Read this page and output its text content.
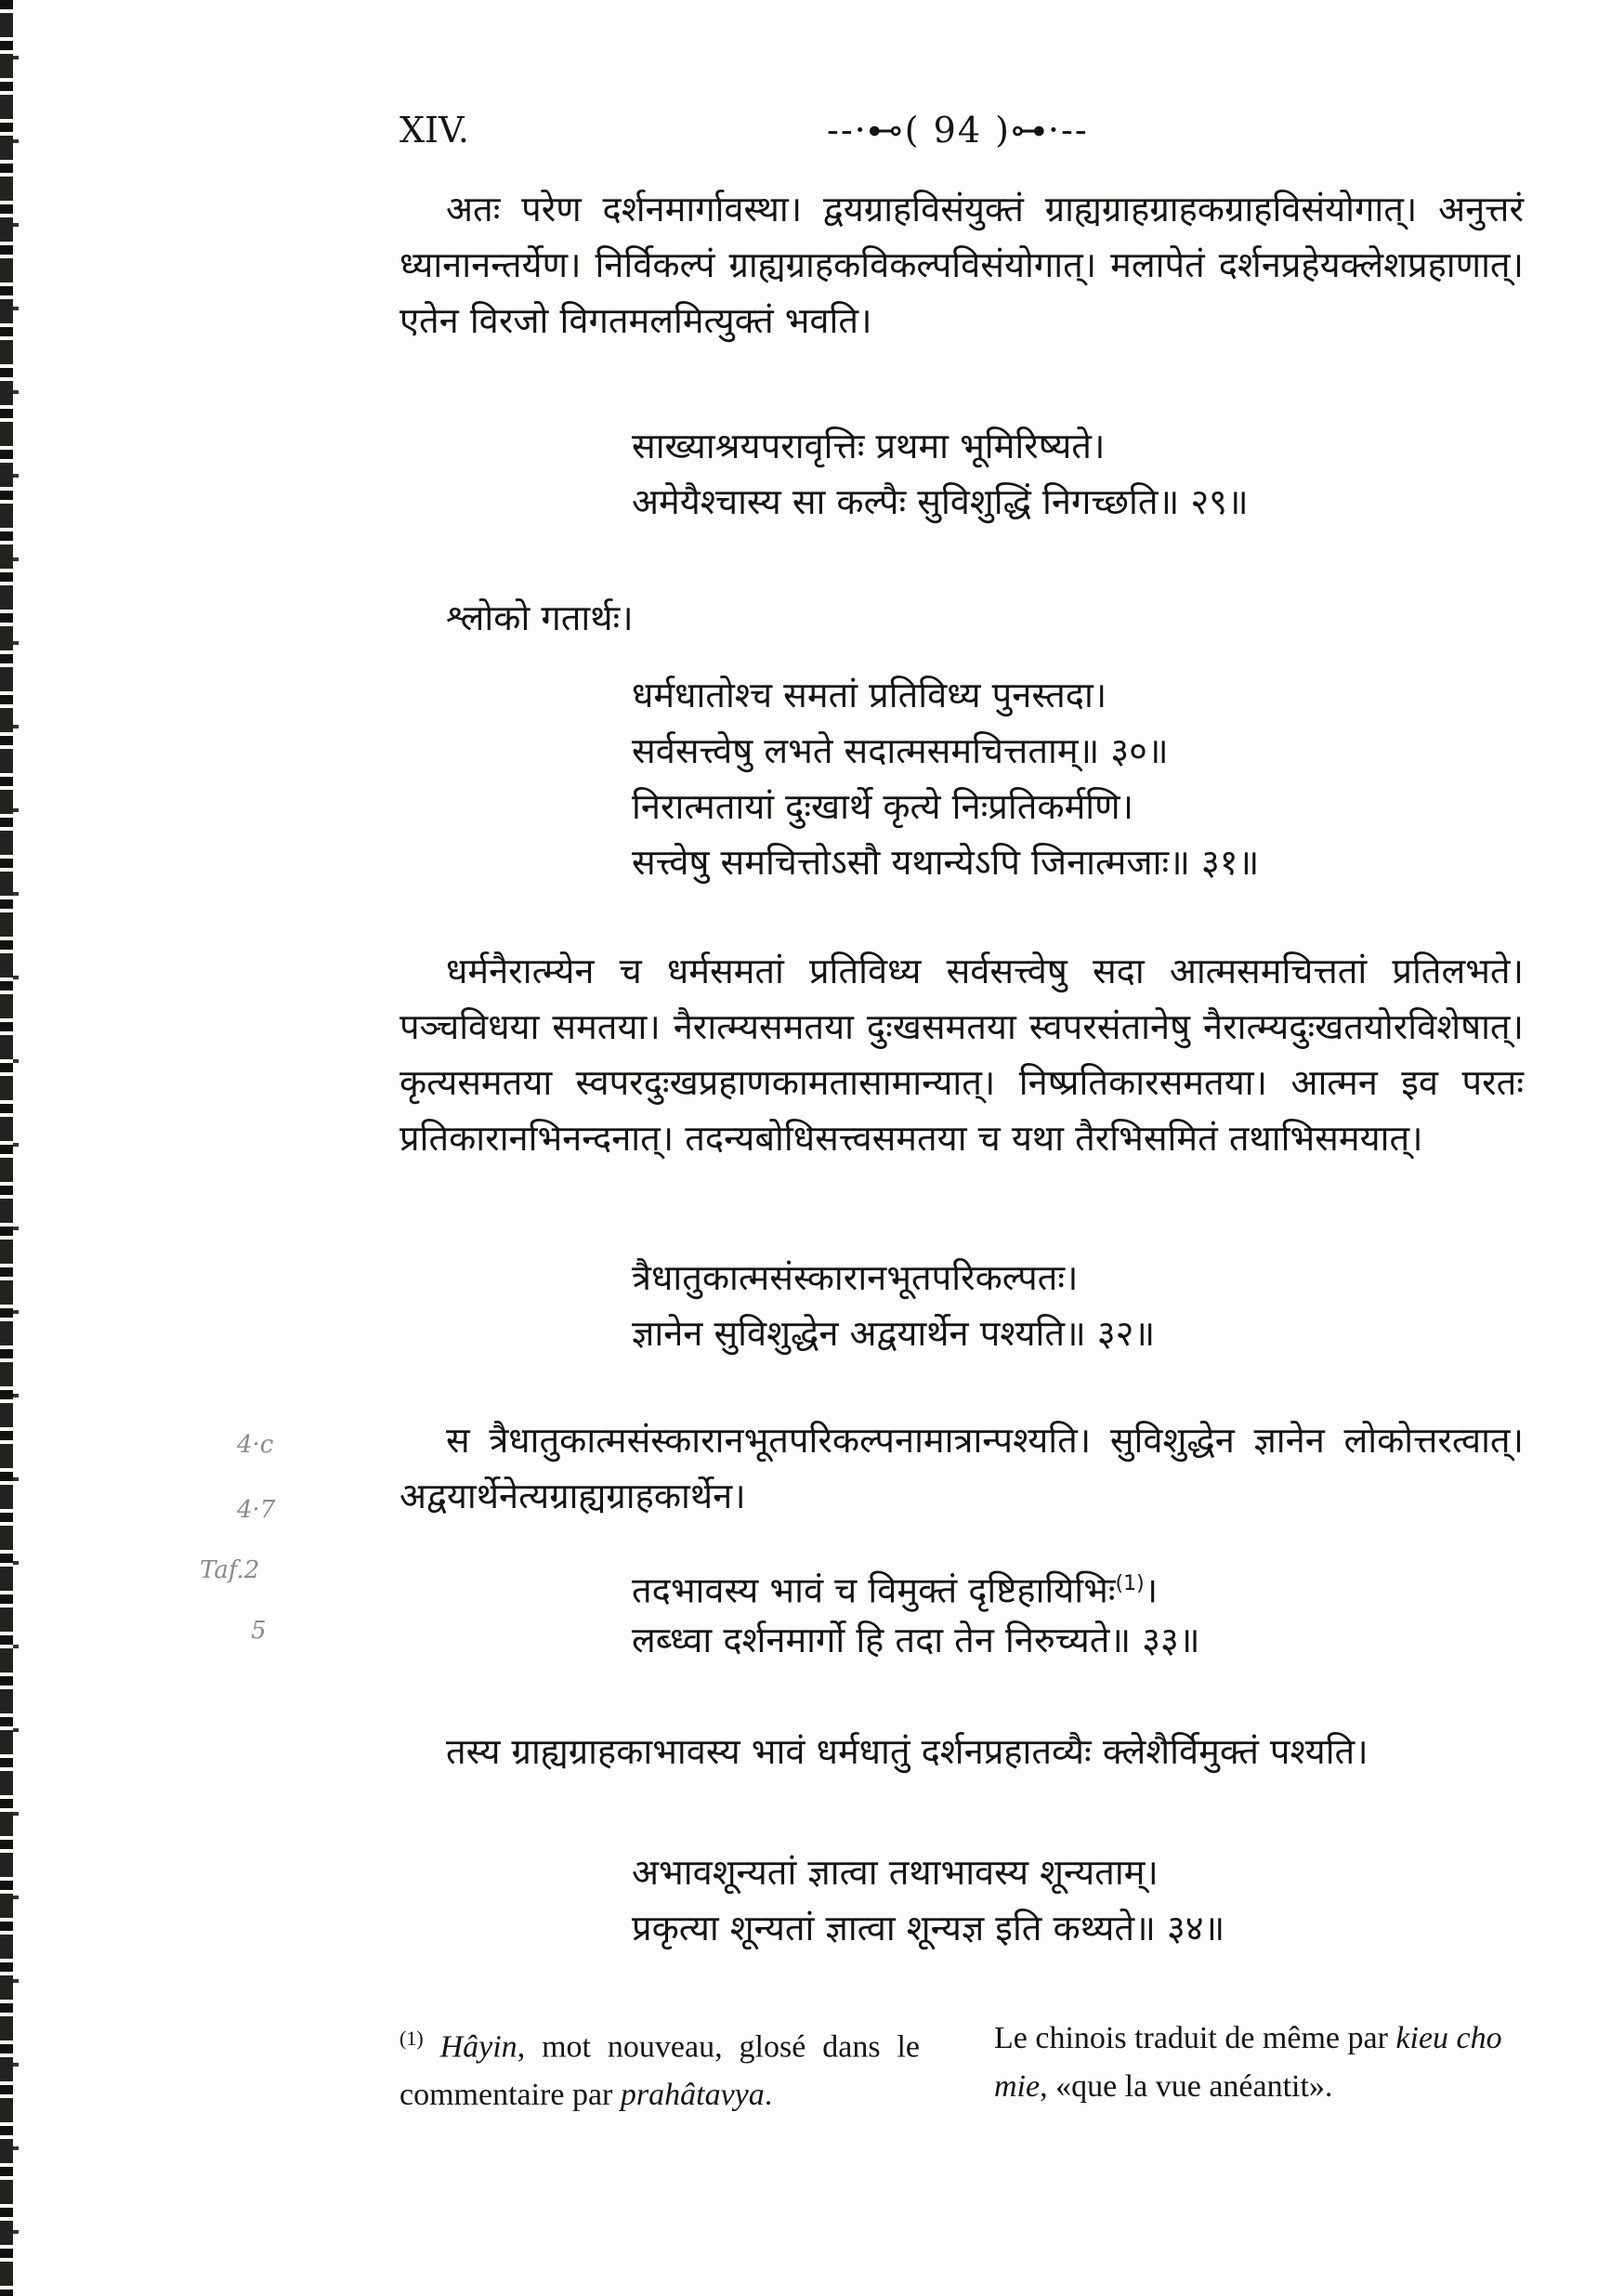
XIV.	--·⊷( 94 )⊶·--
4·c
4·7
Taf.2
5
अतः परेण दर्शनमार्गावस्था। द्वयग्राहविसंयुक्तं ग्राह्यग्राहग्राहकग्राहविसंयोगात्। अनुत्तरं ध्यानानन्तर्येण। निर्विकल्पं ग्राह्यग्राहकविकल्पविसंयोगात्। मलापेतं दर्शनप्रहेयक्लेशप्रहाणात्। एतेन विरजो विगतमलमित्युक्तं भवति।
साख्याश्रयपरावृत्तिः प्रथमा भूमिरिष्यते।
अमेयैश्चास्य सा कल्पैः सुविशुद्धिं निगच्छति॥ २९॥
श्लोको गतार्थः।
धर्मधातोश्च समतां प्रतिविध्य पुनस्तदा।
सर्वसत्त्वेषु लभते सदात्मसमचित्तताम्॥ ३०॥
निरात्मतायां दुःखार्थे कृत्ये निःप्रतिकर्मणि।
सत्त्वेषु समचित्तोऽसौ यथान्येऽपि जिनात्मजाः॥ ३१॥
धर्मनैरात्म्येन च धर्मसमतां प्रतिविध्य सर्वसत्त्वेषु सदा आत्मसमचित्ततां प्रतिलभते। पञ्चविधया समतया। नैरात्म्यसमतया दुःखसमतया स्वपरसंतानेषु नैरात्म्यदुःखतयोरविशेषात्। कृत्यसमतया स्वपरदुःखप्रहाणकामतासामान्यात्। निष्प्रतिकारसमतया। आत्मन इव परतः प्रतिकारानभिनन्दनात्। तदन्यबोधिसत्त्वसमतया च यथा तैरभिसमितं तथाभिसमयात्।
त्रैधातुकात्मसंस्कारानभूतपरिकल्पतः।
ज्ञानेन सुविशुद्धेन अद्वयार्थेन पश्यति॥ ३२॥
स त्रैधातुकात्मसंस्कारानभूतपरिकल्पनामात्रान्पश्यति। सुविशुद्धेन ज्ञानेन लोकोत्तरत्वात्। अद्वयार्थेनेत्यग्राह्यग्राहकार्थेन।
तदभावस्य भावं च विमुक्तं दृष्टिहायिभिः$^{(1)}$।
लब्ध्वा दर्शनमार्गो हि तदा तेन निरुच्यते॥ ३३॥
तस्य ग्राह्यग्राहकाभावस्य भावं धर्मधातुं दर्शनप्रहातव्यैः क्लेशैर्विमुक्तं पश्यति।
अभावशून्यतां ज्ञात्वा तथाभावस्य शून्यताम्।
प्रकृत्या शून्यतां ज्ञात्वा शून्यज्ञ इति कथ्यते॥ ३४॥
$^{(1)}$ Hâyin, mot nouveau, glosé dans le commentaire par prahâtavya.
Le chinois traduit de même par kieu cho mie, «que la vue anéantit».
